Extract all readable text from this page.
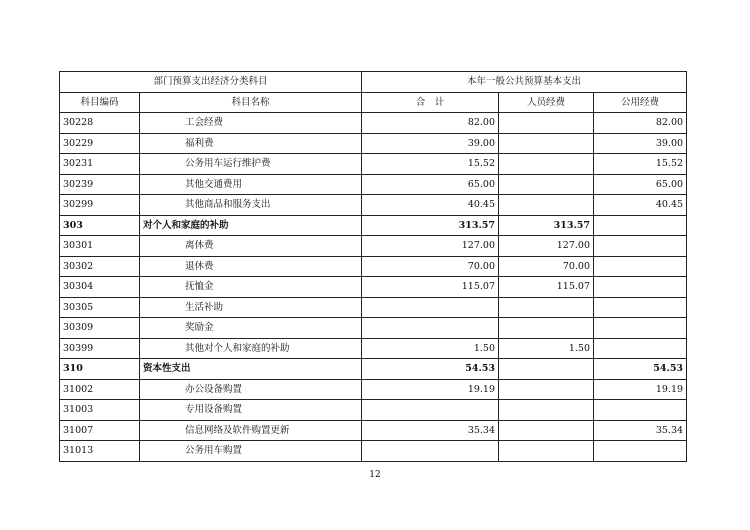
部门预算支出经济分类科目		本年一般公共预算基本支出		
科目编码	科目名称	合　计	人员经费	公用经费
30228	工会经费	82.00		82.00
30229	福利费	39.00		39.00
30231	公务用车运行维护费	15.52		15.52
30239	其他交通费用	65.00		65.00
30299	其他商品和服务支出	40.45		40.45
303	对个人和家庭的补助	313.57	313.57	
30301	离休费	127.00	127.00	
30302	退休费	70.00	70.00	
30304	抚恤金	115.07	115.07	
30305	生活补助			
30309	奖励金			
30399	其他对个人和家庭的补助	1.50	1.50	
310	资本性支出	54.53		54.53
31002	办公设备购置	19.19		19.19
31003	专用设备购置			
31007	信息网络及软件购置更新	35.34		35.34
31013	公务用车购置			
12
